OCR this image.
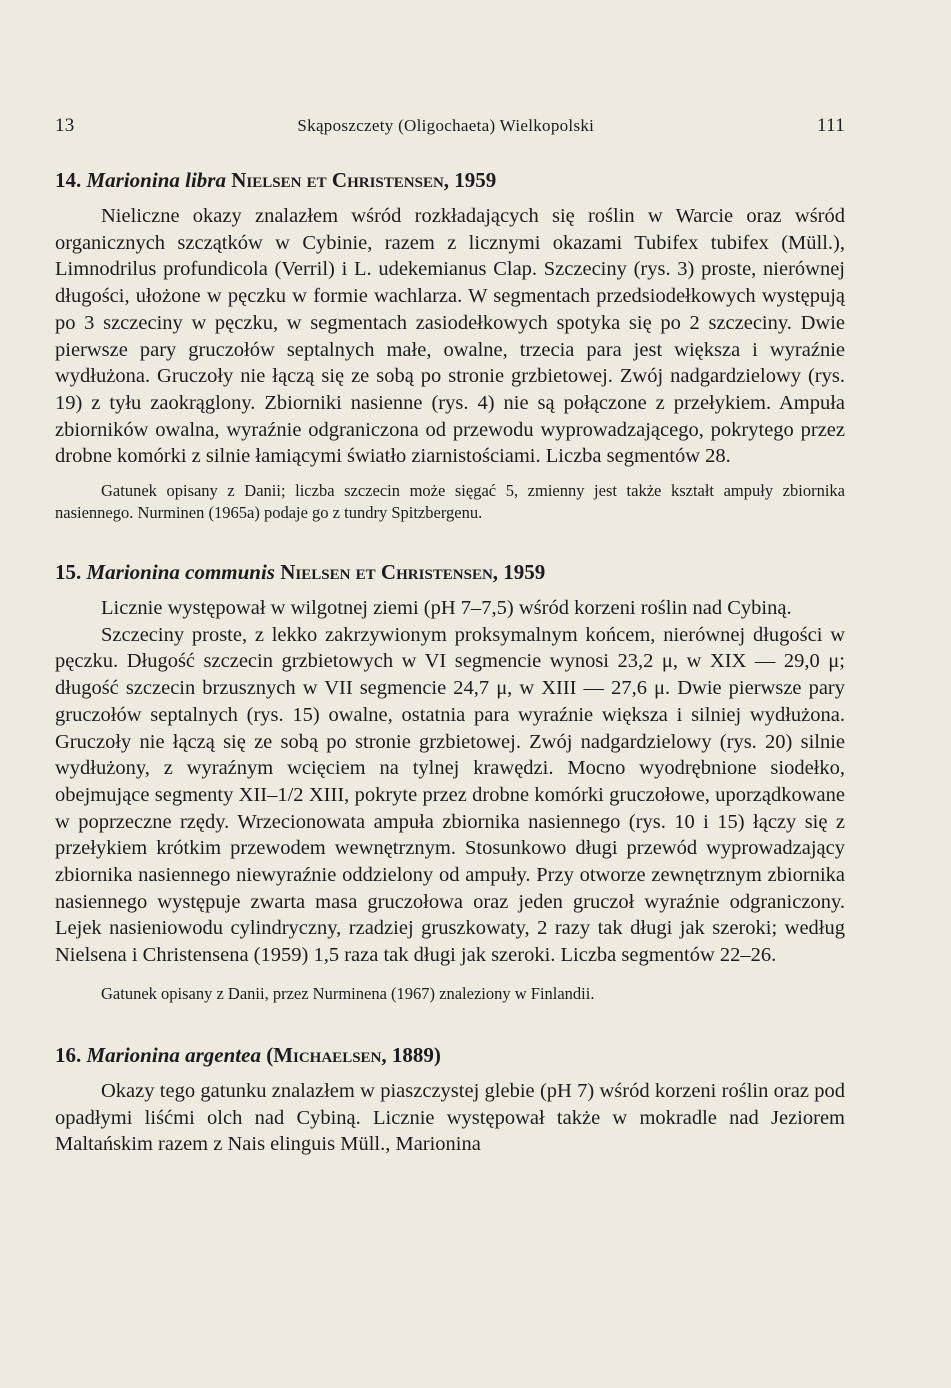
13	Skąposzczety (Oligochaeta) Wielkopolski	111
14. Marionina libra Nielsen et Christensen, 1959

Nieliczne okazy znalazłem wśród rozkładających się roślin w Warcie oraz wśród organicznych szczątków w Cybinie, razem z licznymi okazami Tubifex tubifex (Müll.), Limnodrilus profundicola (Verril) i L. udekemianus Clap. Szczeciny (rys. 3) proste, nierównej długości, ułożone w pęczku w formie wachlarza. W segmentach przedsiodełkowych występują po 3 szczeciny w pęczku, w segmentach zasiodełkowych spotyka się po 2 szczeciny. Dwie pierwsze pary gruczołów septalnych małe, owalne, trzecia para jest większa i wyraźnie wydłużona. Gruczoły nie łączą się ze sobą po stronie grzbietowej. Zwój nadgardzielowy (rys. 19) z tyłu zaokrąglony. Zbiorniki nasienne (rys. 4) nie są połączone z przełykiem. Ampuła zbiorników owalna, wyraźnie odgraniczona od przewodu wyprowadzającego, pokrytego przez drobne komórki z silnie łamiącymi światło ziarnistościami. Liczba segmentów 28.

Gatunek opisany z Danii; liczba szczecin może sięgać 5, zmienny jest także kształt ampuły zbiornika nasiennego. Nurminen (1965a) podaje go z tundry Spitzbergenu.

15. Marionina communis Nielsen et Christensen, 1959

Licznie występował w wilgotnej ziemi (pH 7–7,5) wśród korzeni roślin nad Cybiną.

Szczeciny proste, z lekko zakrzywionym proksymalnym końcem, nierównej długości w pęczku. Długość szczecin grzbietowych w VI segmencie wynosi 23,2 μ, w XIX — 29,0 μ; długość szczecin brzusznych w VII segmencie 24,7 μ, w XIII — 27,6 μ. Dwie pierwsze pary gruczołów septalnych (rys. 15) owalne, ostatnia para wyraźnie większa i silniej wydłużona. Gruczoły nie łączą się ze sobą po stronie grzbietowej. Zwój nadgardzielowy (rys. 20) silnie wydłużony, z wyraźnym wcięciem na tylnej krawędzi. Mocno wyodrębnione siodełko, obejmujące segmenty XII–1/2 XIII, pokryte przez drobne komórki gruczołowe, uporządkowane w poprzeczne rzędy. Wrzecionowata ampuła zbiornika nasiennego (rys. 10 i 15) łączy się z przełykiem krótkim przewodem wewnętrznym. Stosunkowo długi przewód wyprowadzający zbiornika nasiennego niewyraźnie oddzielony od ampuły. Przy otworze zewnętrznym zbiornika nasiennego występuje zwarta masa gruczołowa oraz jeden gruczoł wyraźnie odgraniczony. Lejek nasieniowodu cylindryczny, rzadziej gruszkowaty, 2 razy tak długi jak szeroki; według Nielsena i Christensena (1959) 1,5 raza tak długi jak szeroki. Liczba segmentów 22–26.

Gatunek opisany z Danii, przez Nurminena (1967) znaleziony w Finlandii.

16. Marionina argentea (Michaelsen, 1889)

Okazy tego gatunku znalazłem w piaszczystej glebie (pH 7) wśród korzeni roślin oraz pod opadłymi liśćmi olch nad Cybiną. Licznie występował także w mokradle nad Jeziorem Maltańskim razem z Nais elinguis Müll., Marionina
